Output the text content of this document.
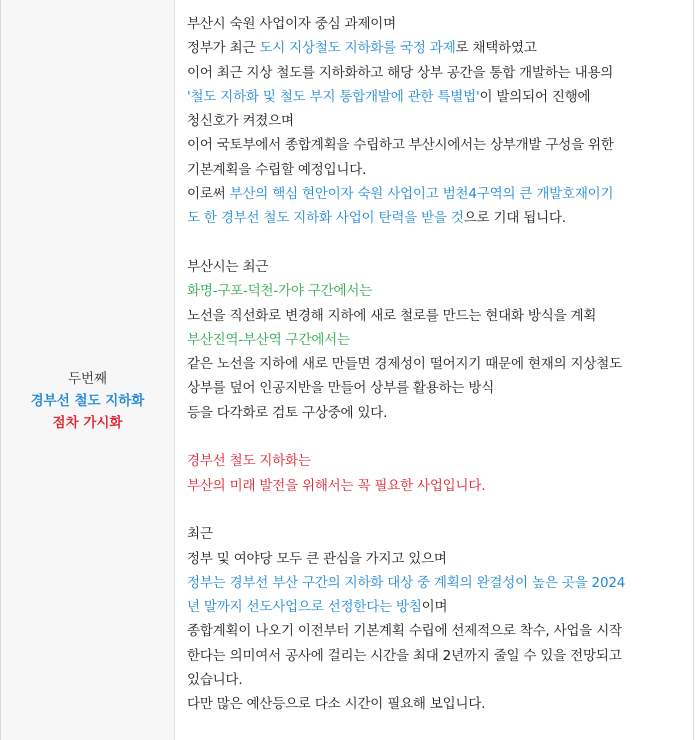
두번째
경부선 철도 지하화
점차 가시화

부산시 숙원 사업이자 중심 과제이며

정부가 최근 도시 지상철도 지하화를 국정 과제로 채택하였고

이어 최근 지상 철도를 지하화하고 해당 상부 공간을 통합 개발하는 내용의

'철도 지하화 및 철도 부지 통합개발에 관한 특별법'이 발의되어 진행에

청신호가 켜졌으며

이어 국토부에서 종합계획을 수립하고 부산시에서는 상부개발 구성을 위한

기본계획을 수립할 예정입니다.

이로써 부산의 핵심 현안이자 숙원 사업이고 범천4구역의 큰 개발호재이기

도 한 경부선 철도 지하화 사업이 탄력을 받을 것으로 기대 됩니다.

부산시는 최근

화명-구포-덕천-가야 구간에서는

노선을 직선화로 변경해 지하에 새로 철로를 만드는 현대화 방식을 계획

부산진역-부산역 구간에서는

같은 노선을 지하에 새로 만들면 경제성이 떨어지기 때문에 현재의 지상철도

상부를 덮어 인공지반을 만들어 상부를 활용하는 방식

등을 다각화로 검토 구상중에 있다.

경부선 철도 지하화는

부산의 미래 발전을 위해서는 꼭 필요한 사업입니다.

최근

정부 및 여야당 모두 큰 관심을 가지고 있으며

정부는 경부선 부산 구간의 지하화 대상 중 계획의 완결성이 높은 곳을 2024

년 말까지 선도사업으로 선정한다는 방침이며

종합계획이 나오기 이전부터 기본계획 수립에 선제적으로 착수, 사업을 시작

한다는 의미여서 공사에 걸리는 시간을 최대 2년까지 줄일 수 있을 전망되고

있습니다.

다만 많은 예산등으로 다소 시간이 필요해 보입니다.
